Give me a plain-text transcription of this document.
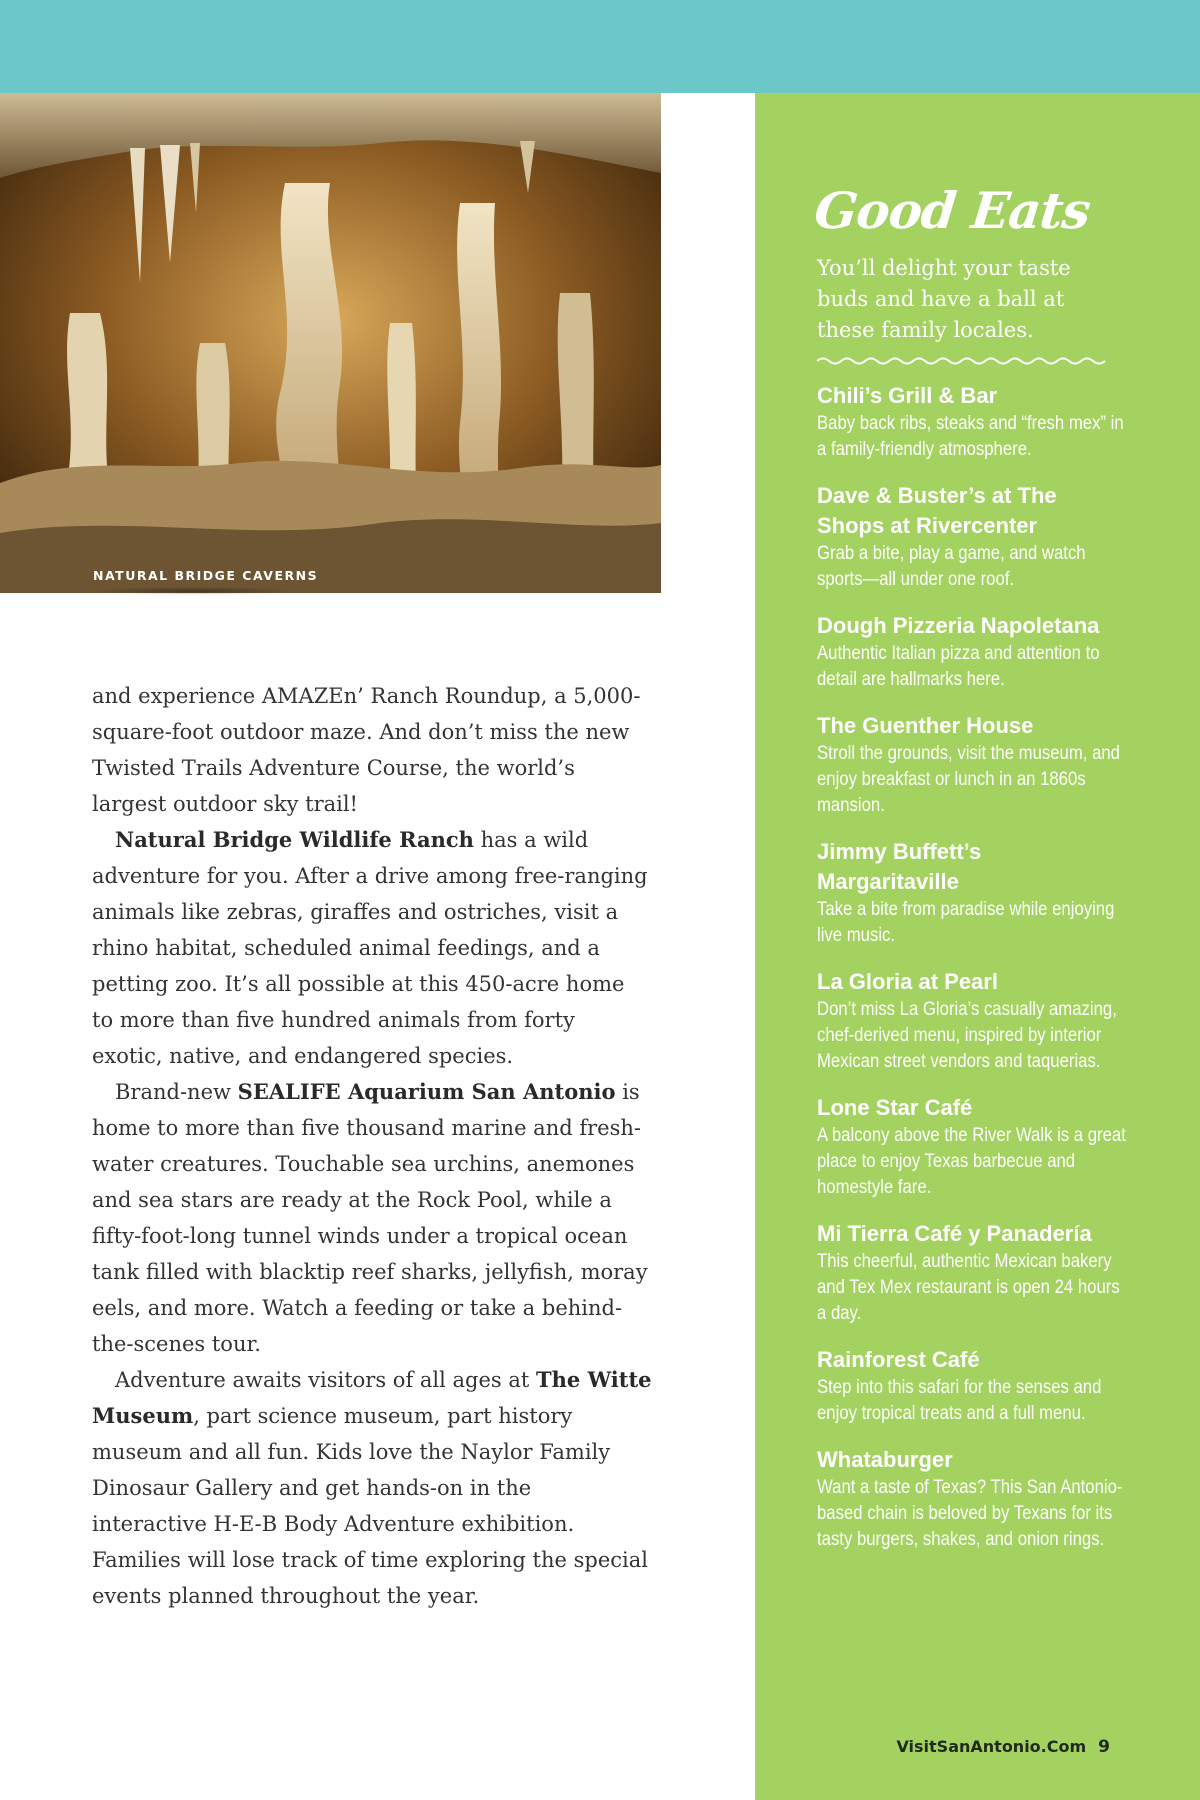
NATURAL BRIDGE CAVERNS

and experience AMAZEn’ Ranch Roundup, a 5,000-square-foot outdoor maze. And don’t miss the new Twisted Trails Adventure Course, the world’s largest outdoor sky trail!

Natural Bridge Wildlife Ranch has a wild adventure for you. After a drive among free-ranging animals like zebras, giraffes and ostriches, visit a rhino habitat, scheduled animal feedings, and a petting zoo. It’s all possible at this 450-acre home to more than five hundred animals from forty exotic, native, and endangered species.

Brand-new SEALIFE Aquarium San Antonio is home to more than five thousand marine and fresh-water creatures. Touchable sea urchins, anemones and sea stars are ready at the Rock Pool, while a fifty-foot-long tunnel winds under a tropical ocean tank filled with blacktip reef sharks, jellyfish, moray eels, and more. Watch a feeding or take a behind-the-scenes tour.

Adventure awaits visitors of all ages at The Witte Museum, part science museum, part history museum and all fun. Kids love the Naylor Family Dinosaur Gallery and get hands-on in the interactive H-E-B Body Adventure exhibition. Families will lose track of time exploring the special events planned throughout the year.

Good Eats
You’ll delight your taste buds and have a ball at these family locales.
Chili’s Grill & Bar
Baby back ribs, steaks and “fresh mex” in a family-friendly atmosphere.
Dave & Buster’s at The Shops at Rivercenter
Grab a bite, play a game, and watch sports—all under one roof.
Dough Pizzeria Napoletana
Authentic Italian pizza and attention to detail are hallmarks here.
The Guenther House
Stroll the grounds, visit the museum, and enjoy breakfast or lunch in an 1860s mansion.
Jimmy Buffett’s Margaritaville
Take a bite from paradise while enjoying live music.
La Gloria at Pearl
Don’t miss La Gloria’s casually amazing, chef-derived menu, inspired by interior Mexican street vendors and taquerias.
Lone Star Café
A balcony above the River Walk is a great place to enjoy Texas barbecue and homestyle fare.
Mi Tierra Café y Panadería
This cheerful, authentic Mexican bakery and Tex Mex restaurant is open 24 hours a day.
Rainforest Café
Step into this safari for the senses and enjoy tropical treats and a full menu.
Whataburger
Want a taste of Texas? This San Antonio-based chain is beloved by Texans for its tasty burgers, shakes, and onion rings.
VisitSanAntonio.Com 9
